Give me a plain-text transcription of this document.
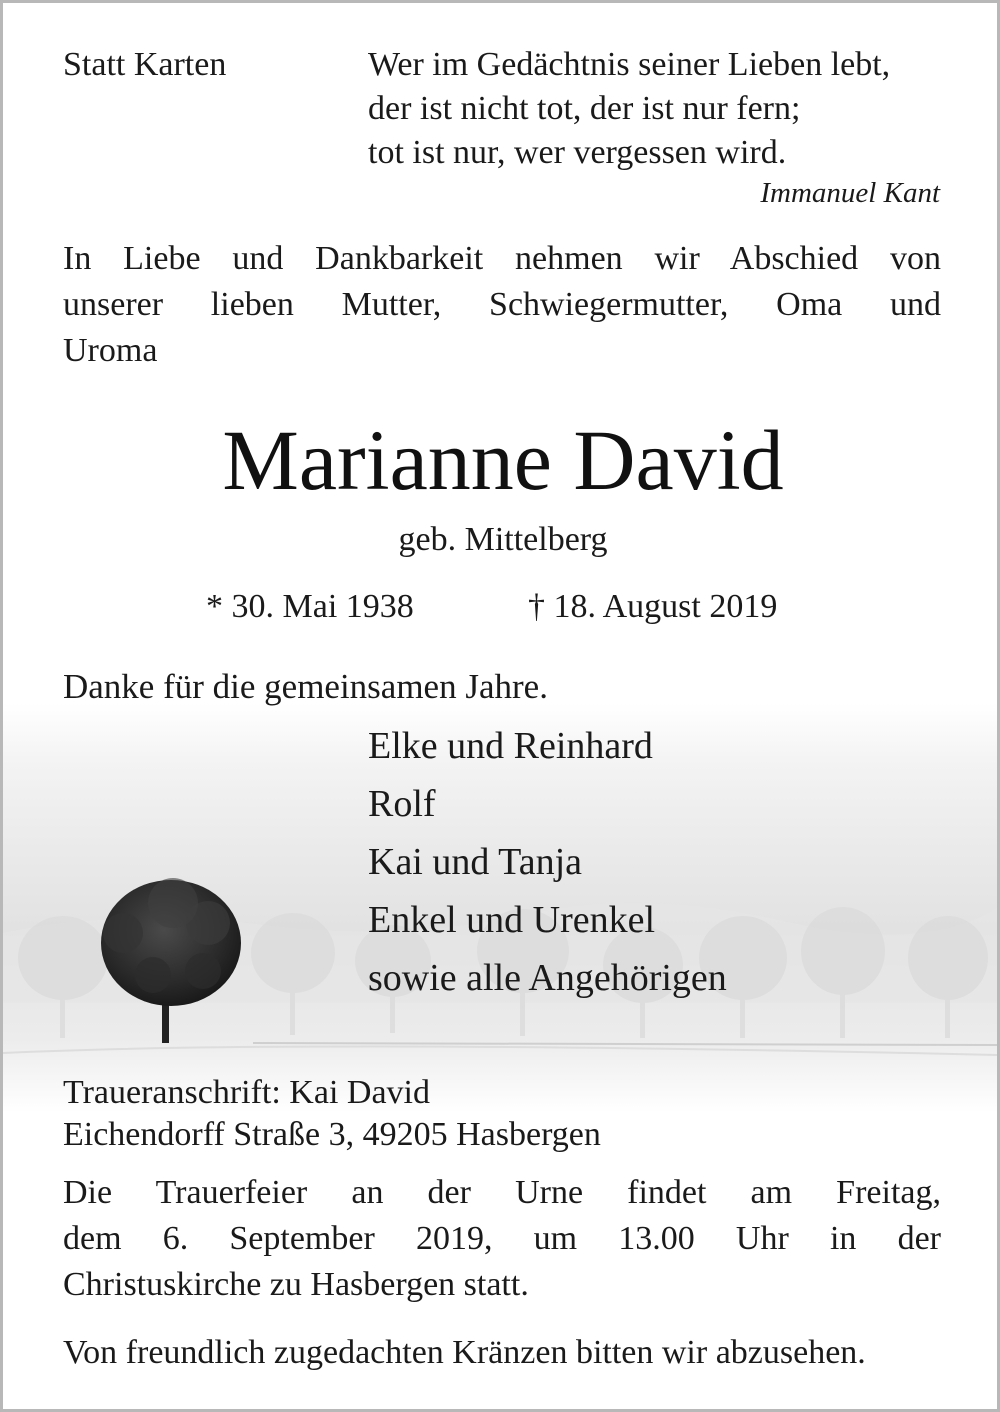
Statt Karten	Wer im Gedächtnis seiner Lieben lebt,
der ist nicht tot, der ist nur fern;
tot ist nur, wer vergessen wird.

Immanuel Kant

In Liebe und Dankbarkeit nehmen wir Abschied von

unserer lieben Mutter, Schwiegermutter, Oma und

Uroma

Marianne David

geb. Mittelberg

* 30. Mai 1938	† 18. August 2019

Danke für die gemeinsamen Jahre.

Elke und Reinhard
Rolf
Kai und Tanja
Enkel und Urenkel
sowie alle Angehörigen

Traueranschrift: Kai David

Eichendorff Straße 3, 49205 Hasbergen

Die Trauerfeier an der Urne findet am Freitag,

dem 6. September 2019, um 13.00 Uhr in der

Christuskirche zu Hasbergen statt.

Von freundlich zugedachten Kränzen bitten wir abzusehen.
